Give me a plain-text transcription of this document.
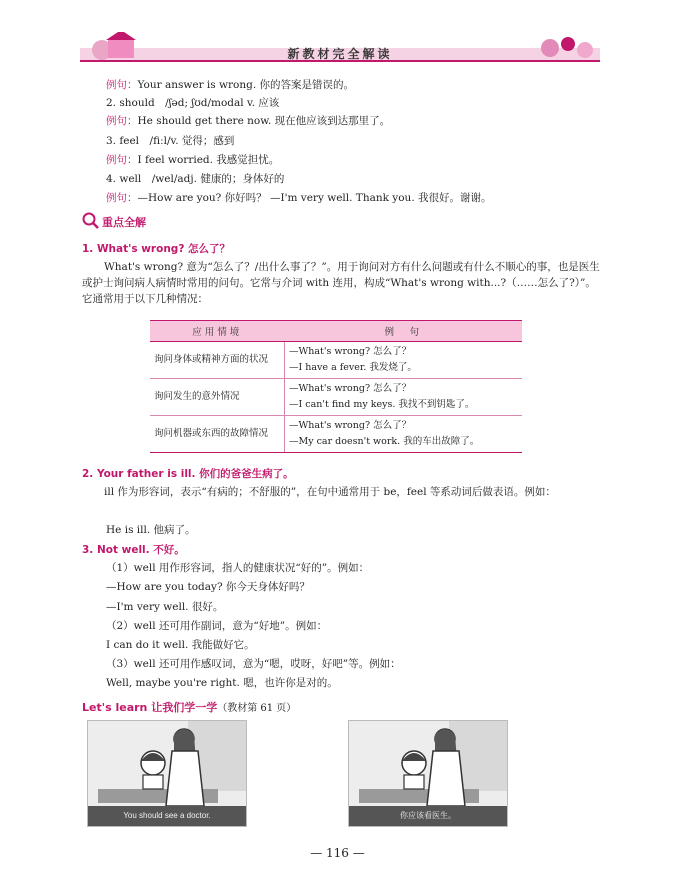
新教材完全解读
例句：Your answer is wrong. 你的答案是错误的。
2. should　/ʃəd; ʃʊd/modal v. 应该
例句：He should get there now. 现在他应该到达那里了。
3. feel　/fiːl/v. 觉得；感到
例句：I feel worried. 我感觉担忧。
4. well　/wel/adj. 健康的；身体好的
例句：—How are you? 你好吗？ —I'm very well. Thank you. 我很好。谢谢。
重点全解
1. What's wrong? 怎么了？
What's wrong? 意为“怎么了？/出什么事了？”。用于询问对方有什么问题或有什么不顺心的事，也是医生或护士询问病人病情时常用的问句。它常与介词 with 连用，构成“What's wrong with...?（……怎么了?）”。它通常用于以下几种情况：
应用情境	例　句
询问身体或精神方面的状况	—What's wrong? 怎么了？
—I have a fever. 我发烧了。

询问发生的意外情况	—What's wrong? 怎么了？
—I can't find my keys. 我找不到钥匙了。

询问机器或东西的故障情况	—What's wrong? 怎么了？
—My car doesn't work. 我的车出故障了。
2. Your father is ill. 你们的爸爸生病了。
ill 作为形容词，表示“有病的；不舒服的”，在句中通常用于 be，feel 等系动词后做表语。例如：
He is ill. 他病了。
3. Not well. 不好。
（1）well 用作形容词，指人的健康状况“好的”。例如：
—How are you today? 你今天身体好吗？
—I'm very well. 很好。
（2）well 还可用作副词，意为“好地”。例如：
I can do it well. 我能做好它。
（3）well 还可用作感叹词，意为“嗯，哎呀，好吧”等。例如：
Well, maybe you're right. 嗯，也许你是对的。
Let's learn 让我们学一学（教材第 61 页）
You should see a doctor.	你应该看医生。
— 116 —
